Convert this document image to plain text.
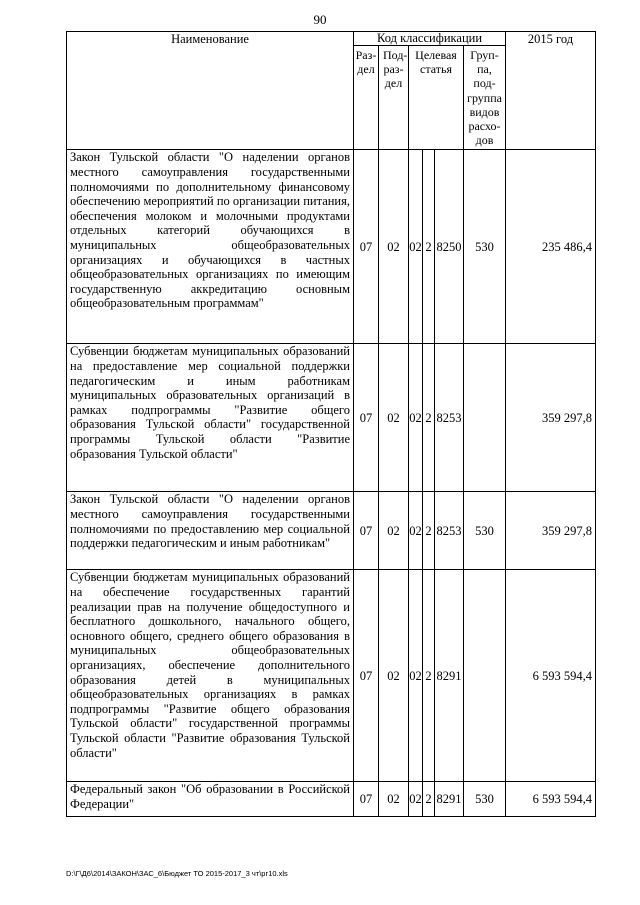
90
Наименование	Код классификации						2015 год
	Раз-дел	Под-раз-дел	Целевая статья			Груп-па, под-группа видов расхо-дов	
Закон Тульской области "О наделении органов местного самоуправления государственными полномочиями по дополнительному финансовому обеспечению мероприятий по организации питания, обеспечения молоком и молочными продуктами отдельных категорий обучающихся в муниципальных общеобразовательных организациях и обучающихся в частных общеобразовательных организациях по имеющим государственную аккредитацию основным общеобразовательным программам"	07	02	02	2	8250	530	235 486,4
Субвенции бюджетам муниципальных образований на предоставление мер социальной поддержки педагогическим и иным работникам муниципальных образовательных организаций в рамках подпрограммы "Развитие общего образования Тульской области" государственной программы Тульской области "Развитие образования Тульской области"	07	02	02	2	8253		359 297,8
Закон Тульской области "О наделении органов местного самоуправления государственными полномочиями по предоставлению мер социальной поддержки педагогическим и иным работникам"	07	02	02	2	8253	530	359 297,8
Субвенции бюджетам муниципальных образований на обеспечение государственных гарантий реализации прав на получение общедоступного и бесплатного дошкольного, начального общего, основного общего, среднего общего образования в муниципальных общеобразовательных организациях, обеспечение дополнительного образования детей в муниципальных общеобразовательных организациях в рамках подпрограммы "Развитие общего образования Тульской области" государственной программы Тульской области "Развитие образования Тульской области"	07	02	02	2	8291		6 593 594,4
Федеральный закон "Об образовании в Российской Федерации"	07	02	02	2	8291	530	6 593 594,4
D:\Г\Д6\2014\ЗАКОН\ЗАС_6\Бюджет ТО 2015-2017_3 чт\рг10.xls
